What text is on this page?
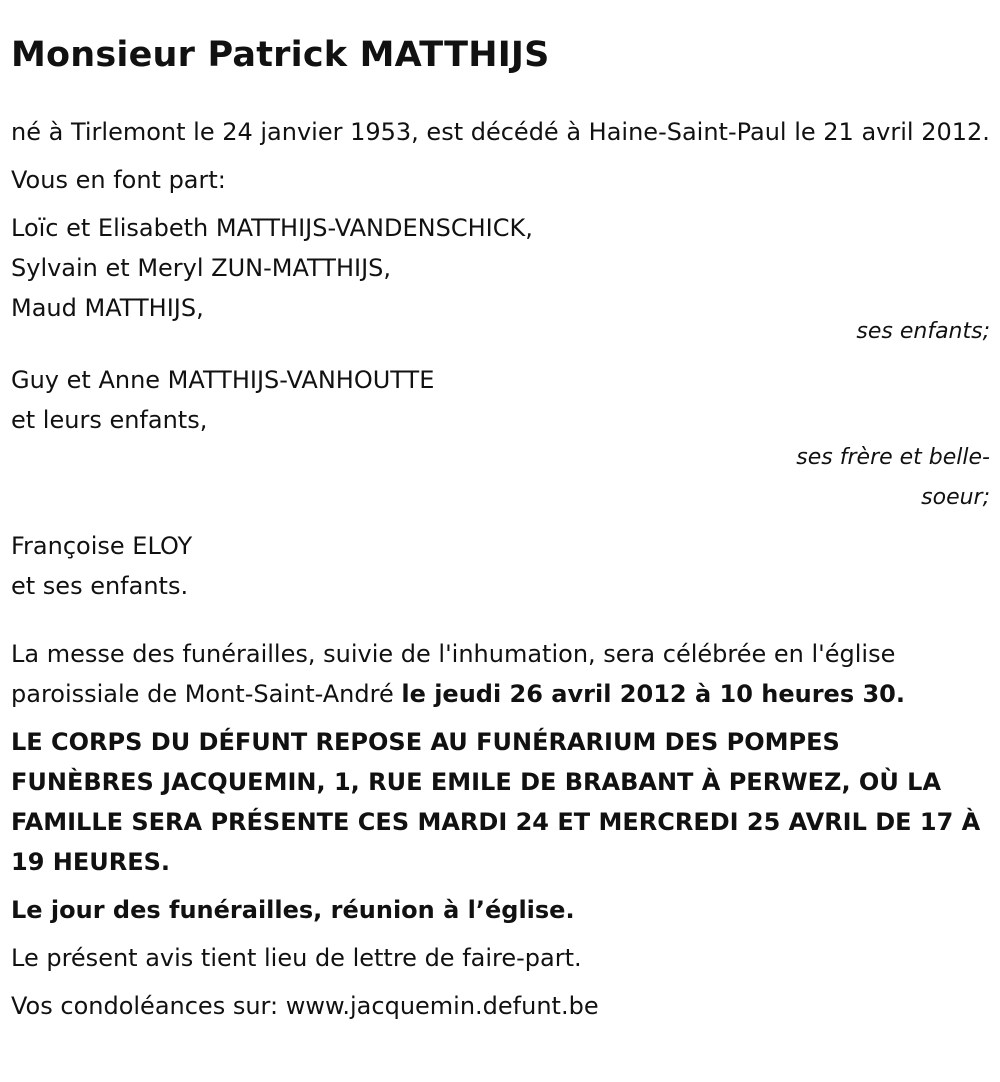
Monsieur Patrick MATTHIJS

né à Tirlemont le 24 janvier 1953, est décédé à Haine-Saint-Paul le 21 avril 2012.

Vous en font part:

Loïc et Elisabeth MATTHIJS-VANDENSCHICK,
Sylvain et Meryl ZUN-MATTHIJS,
Maud MATTHIJS,
ses enfants;
Guy et Anne MATTHIJS-VANHOUTTE
et leurs enfants,
ses frère et belle-
soeur;
Françoise ELOY
et ses enfants.

La messe des funérailles, suivie de l'inhumation, sera célébrée en l'église paroissiale de Mont-Saint-André le jeudi 26 avril 2012 à 10 heures 30.

LE CORPS DU DÉFUNT REPOSE AU FUNÉRARIUM DES POMPES FUNÈBRES JACQUEMIN, 1, RUE EMILE DE BRABANT À PERWEZ, OÙ LA FAMILLE SERA PRÉSENTE CES MARDI 24 ET MERCREDI 25 AVRIL DE 17 À 19 HEURES.

Le jour des funérailles, réunion à l’église.

Le présent avis tient lieu de lettre de faire-part.

Vos condoléances sur: www.jacquemin.defunt.be
